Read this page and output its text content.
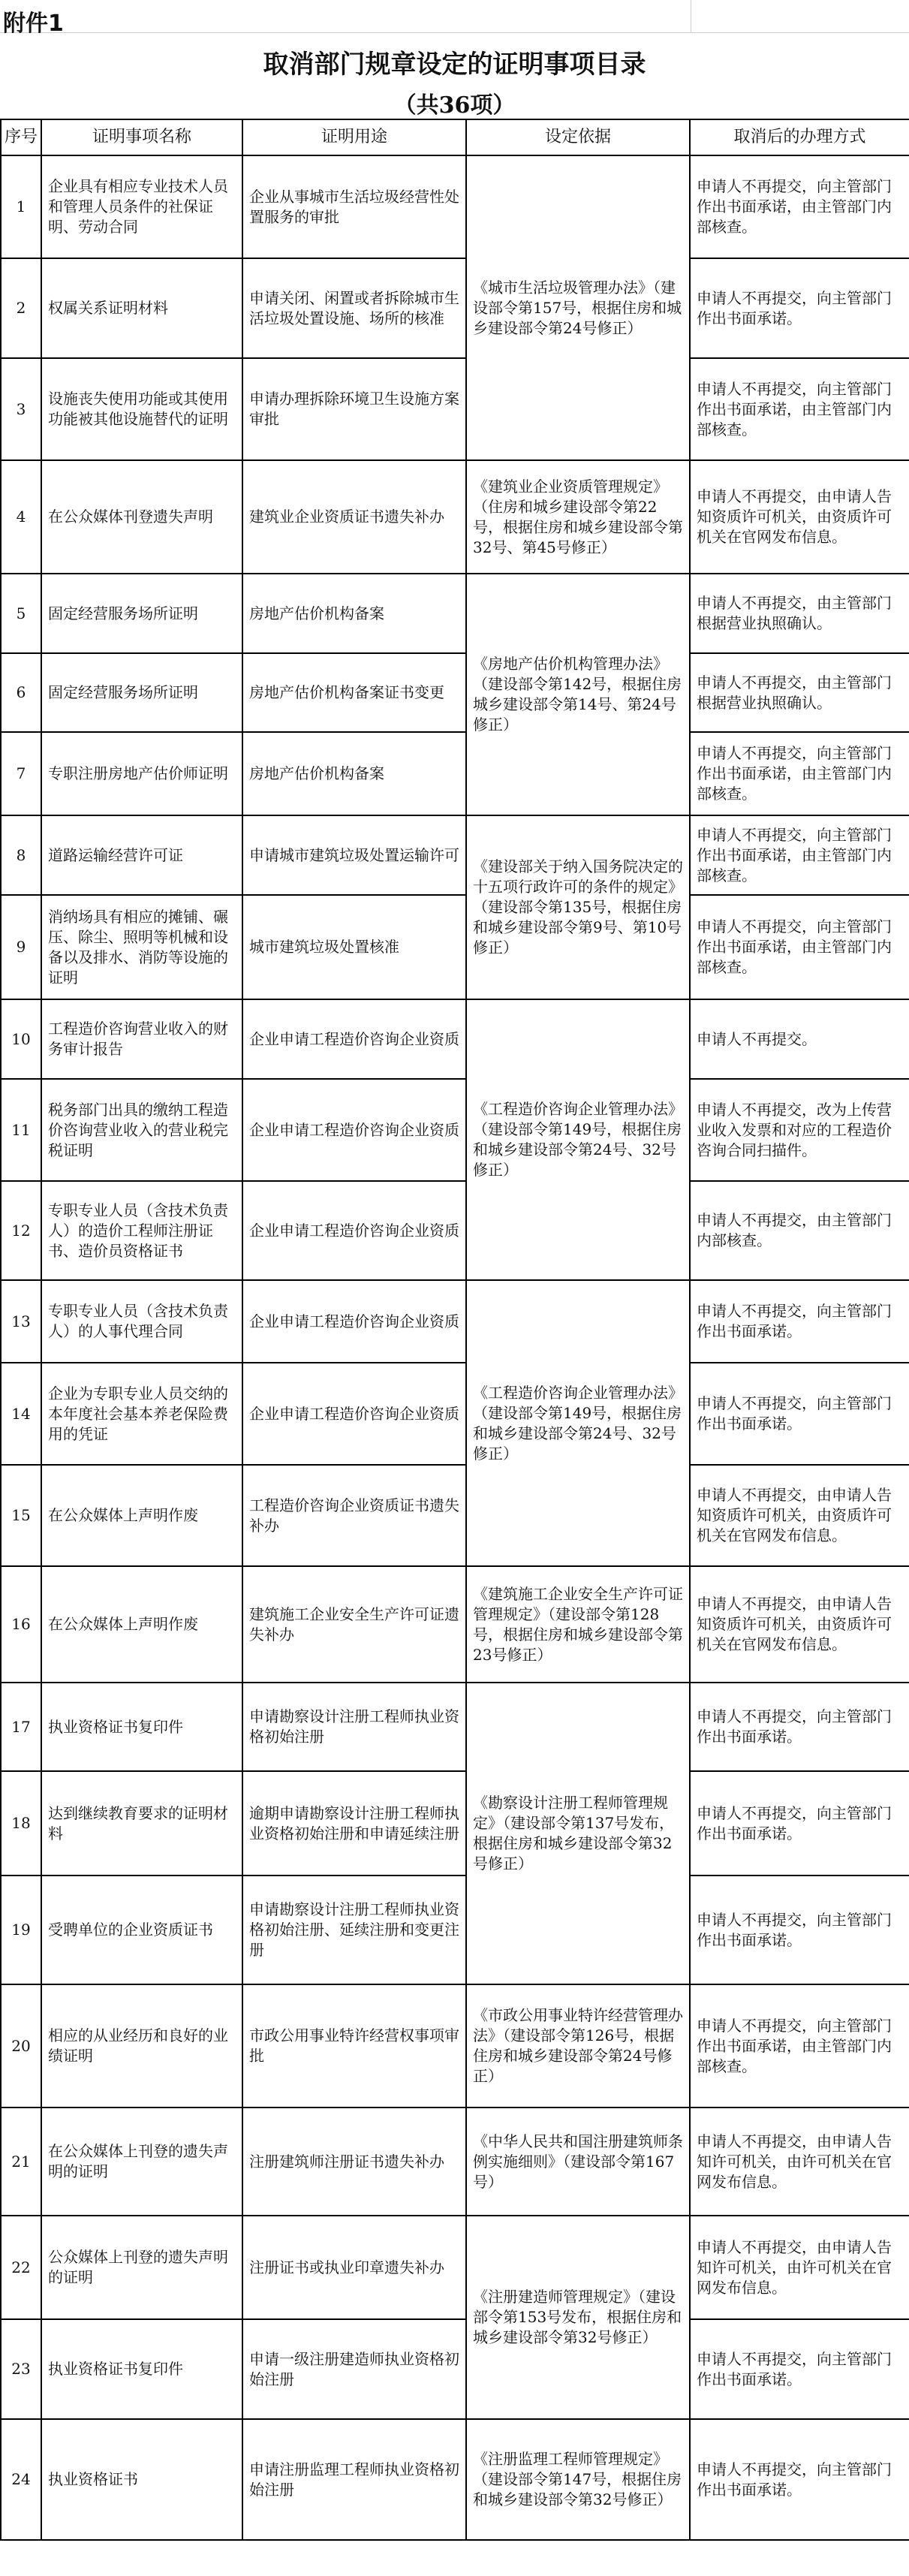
附件1
取消部门规章设定的证明事项目录
（共36项）
序号	证明事项名称	证明用途	设定依据	取消后的办理方式
1	企业具有相应专业技术人员和管理人员条件的社保证明、劳动合同	企业从事城市生活垃圾经营性处置服务的审批	《城市生活垃圾管理办法》（建设部令第157号，根据住房和城乡建设部令第24号修正）	申请人不再提交，向主管部门作出书面承诺，由主管部门内部核查。
2	权属关系证明材料	申请关闭、闲置或者拆除城市生活垃圾处置设施、场所的核准		申请人不再提交，向主管部门作出书面承诺。
3	设施丧失使用功能或其使用功能被其他设施替代的证明	申请办理拆除环境卫生设施方案审批		申请人不再提交，向主管部门作出书面承诺，由主管部门内部核查。
4	在公众媒体刊登遗失声明	建筑业企业资质证书遗失补办	《建筑业企业资质管理规定》（住房和城乡建设部令第22号，根据住房和城乡建设部令第32号、第45号修正）	申请人不再提交，由申请人告知资质许可机关，由资质许可机关在官网发布信息。
5	固定经营服务场所证明	房地产估价机构备案	《房地产估价机构管理办法》（建设部令第142号，根据住房城乡建设部令第14号、第24号修正）	申请人不再提交，由主管部门根据营业执照确认。
6	固定经营服务场所证明	房地产估价机构备案证书变更		申请人不再提交，由主管部门根据营业执照确认。
7	专职注册房地产估价师证明	房地产估价机构备案		申请人不再提交，向主管部门作出书面承诺，由主管部门内部核查。
8	道路运输经营许可证	申请城市建筑垃圾处置运输许可	《建设部关于纳入国务院决定的十五项行政许可的条件的规定》（建设部令第135号，根据住房和城乡建设部令第9号、第10号修正）	申请人不再提交，向主管部门作出书面承诺，由主管部门内部核查。
9	消纳场具有相应的摊铺、碾压、除尘、照明等机械和设备以及排水、消防等设施的证明	城市建筑垃圾处置核准		申请人不再提交，向主管部门作出书面承诺，由主管部门内部核查。
10	工程造价咨询营业收入的财务审计报告	企业申请工程造价咨询企业资质	《工程造价咨询企业管理办法》（建设部令第149号，根据住房和城乡建设部令第24号、32号修正）	申请人不再提交。
11	税务部门出具的缴纳工程造价咨询营业收入的营业税完税证明	企业申请工程造价咨询企业资质		申请人不再提交，改为上传营业收入发票和对应的工程造价咨询合同扫描件。
12	专职专业人员（含技术负责人）的造价工程师注册证书、造价员资格证书	企业申请工程造价咨询企业资质		申请人不再提交，由主管部门内部核查。
13	专职专业人员（含技术负责人）的人事代理合同	企业申请工程造价咨询企业资质	《工程造价咨询企业管理办法》（建设部令第149号，根据住房和城乡建设部令第24号、32号修正）	申请人不再提交，向主管部门作出书面承诺。
14	企业为专职专业人员交纳的本年度社会基本养老保险费用的凭证	企业申请工程造价咨询企业资质		申请人不再提交，向主管部门作出书面承诺。
15	在公众媒体上声明作废	工程造价咨询企业资质证书遗失补办		申请人不再提交，由申请人告知资质许可机关，由资质许可机关在官网发布信息。
16	在公众媒体上声明作废	建筑施工企业安全生产许可证遗失补办	《建筑施工企业安全生产许可证管理规定》（建设部令第128号，根据住房和城乡建设部令第23号修正）	申请人不再提交，由申请人告知资质许可机关，由资质许可机关在官网发布信息。
17	执业资格证书复印件	申请勘察设计注册工程师执业资格初始注册	《勘察设计注册工程师管理规定》（建设部令第137号发布，根据住房和城乡建设部令第32号修正）	申请人不再提交，向主管部门作出书面承诺。
18	达到继续教育要求的证明材料	逾期申请勘察设计注册工程师执业资格初始注册和申请延续注册		申请人不再提交，向主管部门作出书面承诺。
19	受聘单位的企业资质证书	申请勘察设计注册工程师执业资格初始注册、延续注册和变更注册		申请人不再提交，向主管部门作出书面承诺。
20	相应的从业经历和良好的业绩证明	市政公用事业特许经营权事项审批	《市政公用事业特许经营管理办法》（建设部令第126号，根据住房和城乡建设部令第24号修正）	申请人不再提交，向主管部门作出书面承诺，由主管部门内部核查。
21	在公众媒体上刊登的遗失声明的证明	注册建筑师注册证书遗失补办	《中华人民共和国注册建筑师条例实施细则》（建设部令第167号）	申请人不再提交，由申请人告知许可机关，由许可机关在官网发布信息。
22	公众媒体上刊登的遗失声明的证明	注册证书或执业印章遗失补办	《注册建造师管理规定》（建设部令第153号发布，根据住房和城乡建设部令第32号修正）	申请人不再提交，由申请人告知许可机关，由许可机关在官网发布信息。
23	执业资格证书复印件	申请一级注册建造师执业资格初始注册		申请人不再提交，向主管部门作出书面承诺。
24	执业资格证书	申请注册监理工程师执业资格初始注册	《注册监理工程师管理规定》（建设部令第147号，根据住房和城乡建设部令第32号修正）	申请人不再提交，向主管部门作出书面承诺。
